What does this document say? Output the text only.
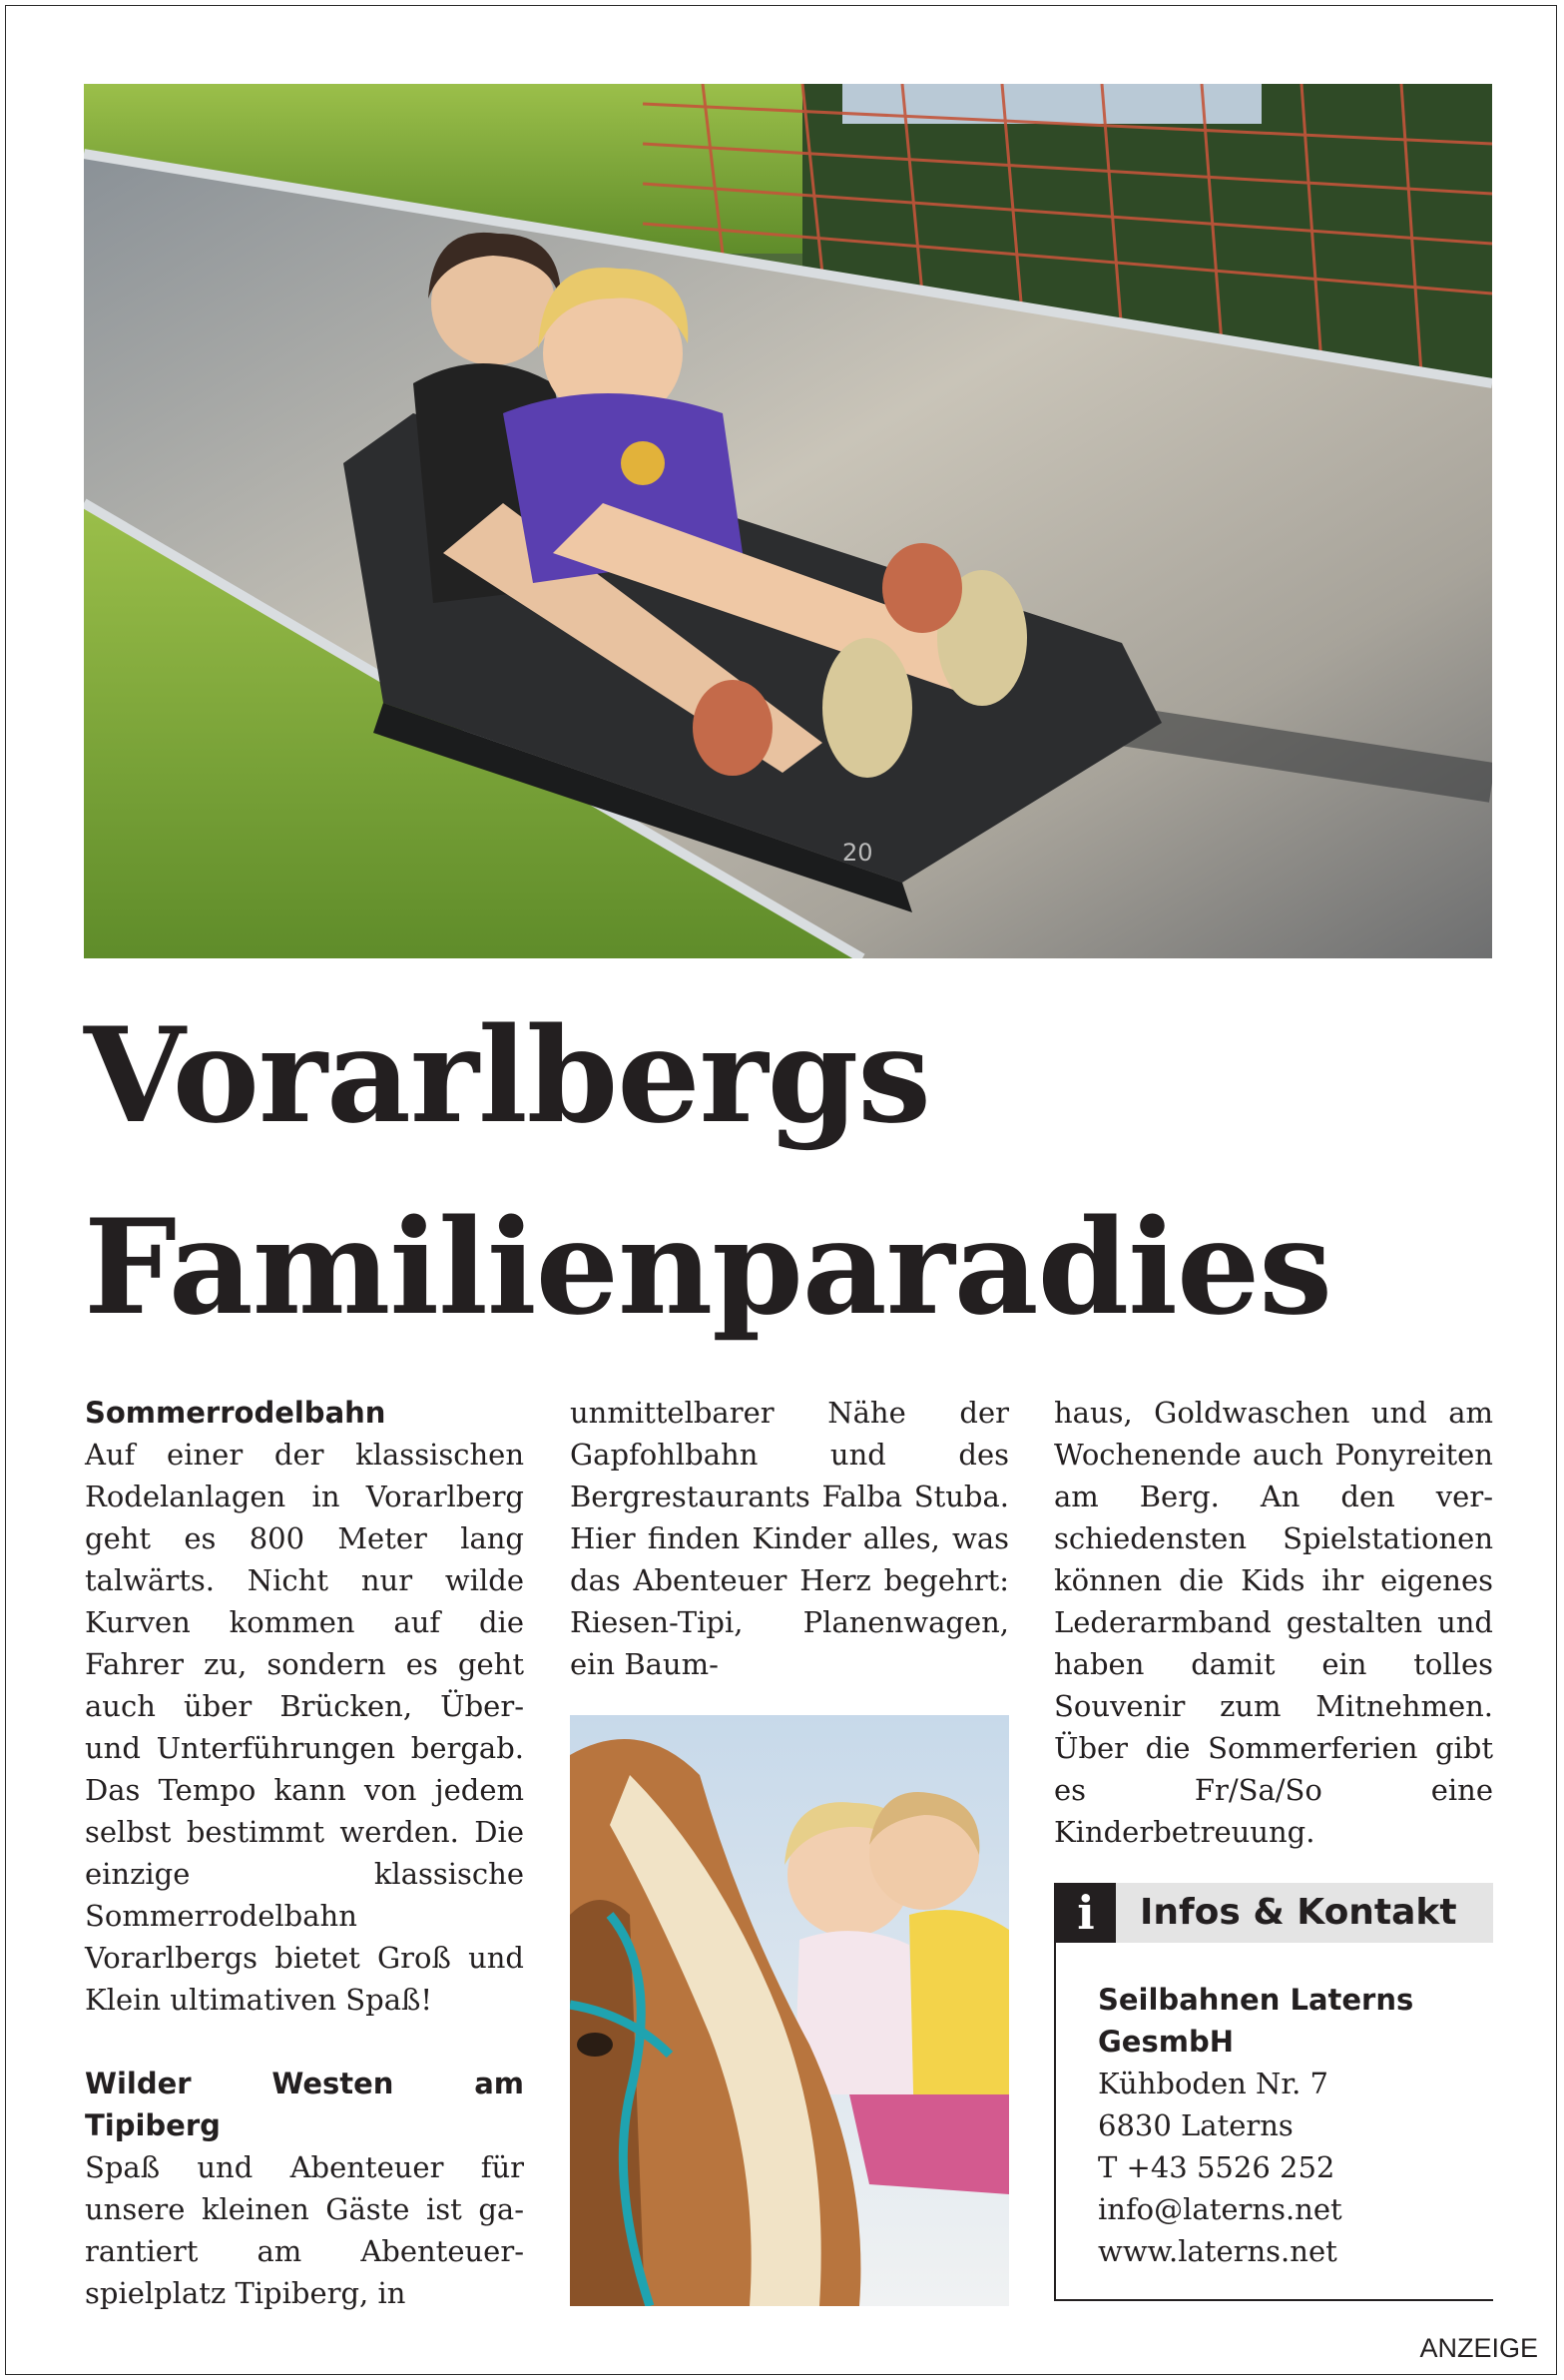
20
Vorarlbergs
Familienparadies
Sommerrodelbahn

Auf einer der klassischen Rodelanlagen in Vorarlberg geht es 800 Meter lang talwärts. Nicht nur wilde Kurven kommen auf die Fahrer zu, sondern es geht auch über Brücken, Über- und Unterführungen bergab. Das Tempo kann von jedem selbst bestimmt werden. Die einzige klassische Sommerrodelbahn Vorarlbergs bietet Groß und Klein ultimativen Spaß!

Wilder Westen am Tipiberg

Spaß und Abenteuer für unsere kleinen Gäste ist garantiert am Abenteuerspielplatz Tipiberg, in

unmittelbarer Nähe der Gapfohlbahn und des Bergrestaurants Falba Stuba. Hier finden Kinder alles, was das Abenteuer Herz begehrt: Riesen-Tipi, Planenwagen, ein Baum-

haus, Goldwaschen und am Wochenende auch Ponyreiten am Berg. An den verschiedensten Spielstationen können die Kids ihr eigenes Lederarmband gestalten und haben damit ein tolles Souvenir zum Mitnehmen. Über die Sommerferien gibt es Fr/Sa/So eine Kinderbetreuung.

i	Infos & Kontakt
Seilbahnen Laterns
GesmbH
Kühboden Nr. 7
6830 Laterns
T +43 5526 252
info@laterns.net
www.laterns.net
ANZEIGE
